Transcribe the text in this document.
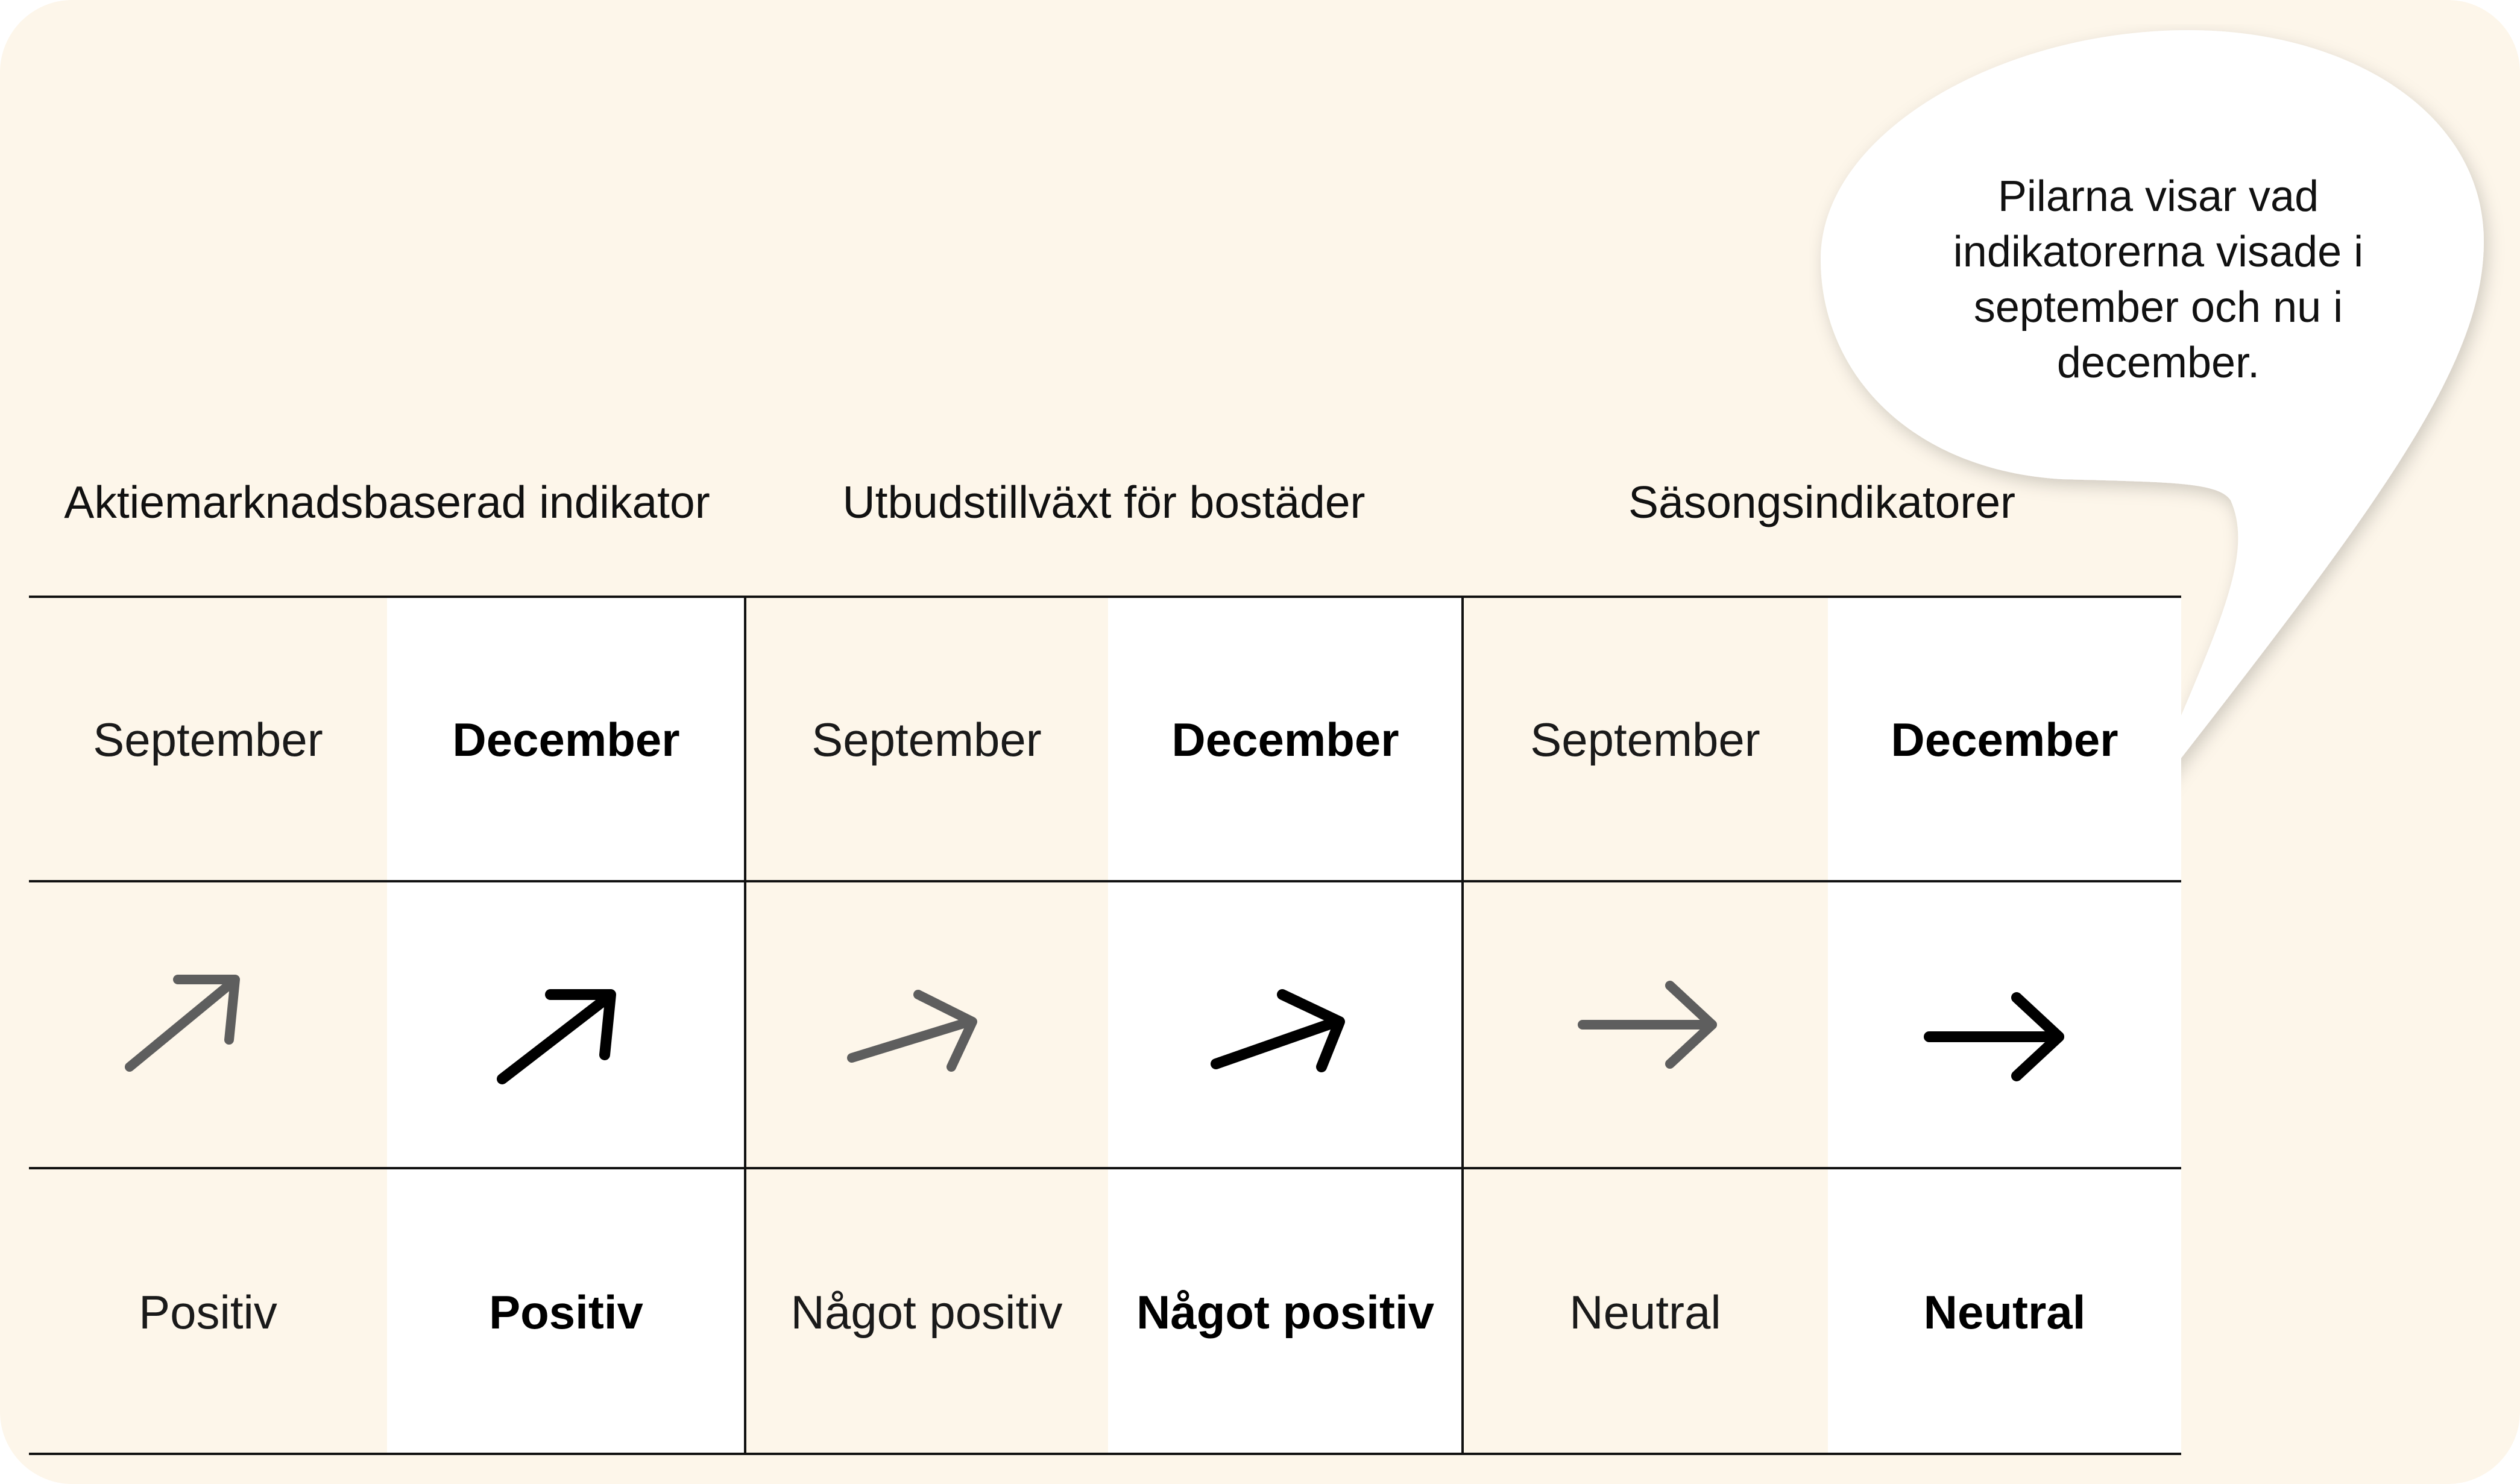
Pilarna visar vad indikatorerna visade i september och nu i december.
Aktiemarknadsbaserad indikator	Utbudstillväxt för bostäder	Säsongsindikatorer
September	December	September	December	September	December
Positiv	Positiv	Något positiv	Något positiv	Neutral	Neutral
